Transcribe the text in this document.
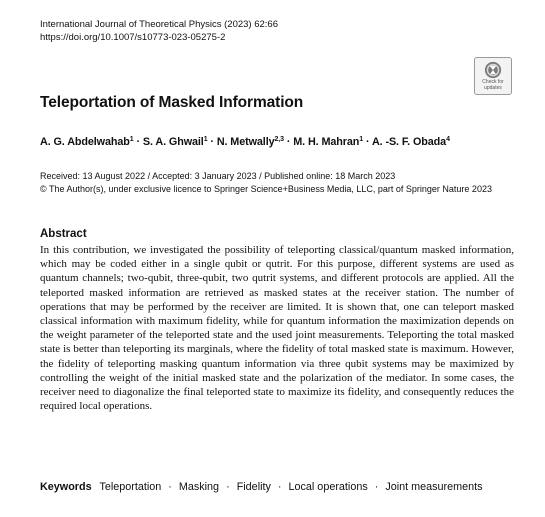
International Journal of Theoretical Physics (2023) 62:66
https://doi.org/10.1007/s10773-023-05275-2
Check for
updates
Teleportation of Masked Information
A. G. Abdelwahab$^1$ · S. A. Ghwail$^1$ · N. Metwally$^{2,3}$ · M. H. Mahran$^1$ · A. -S. F. Obada$^4$
Received: 13 August 2022 / Accepted: 3 January 2023 / Published online: 18 March 2023
© The Author(s), under exclusive licence to Springer Science+Business Media, LLC, part of Springer Nature 2023
Abstract

In this contribution, we investigated the possibility of teleporting classical/quantum masked information, which may be coded either in a single qubit or qutrit. For this purpose, different systems are used as quantum channels; two-qubit, three-qubit, two qutrit systems, and different protocols are applied. All the teleported masked information are retrieved as masked states at the receiver station. The number of operations that may be performed by the receiver are limited. It is shown that, one can teleport masked classical information with maximum fidelity, while for quantum information the maximization depends on the weight parameter of the teleported state and the used joint measurements. Teleporting the total masked state is better than teleporting its marginals, where the fidelity of total masked state is maximum. However, the fidelity of teleporting masking quantum information via three qubit systems may be maximized by controlling the weight of the initial masked state and the polarization of the mediator. In some cases, the receiver need to diagonalize the final teleported state to maximize its fidelity, and consequently reduces the required local operations.

Keywords Teleportation · Masking · Fidelity · Local operations · Joint measurements
